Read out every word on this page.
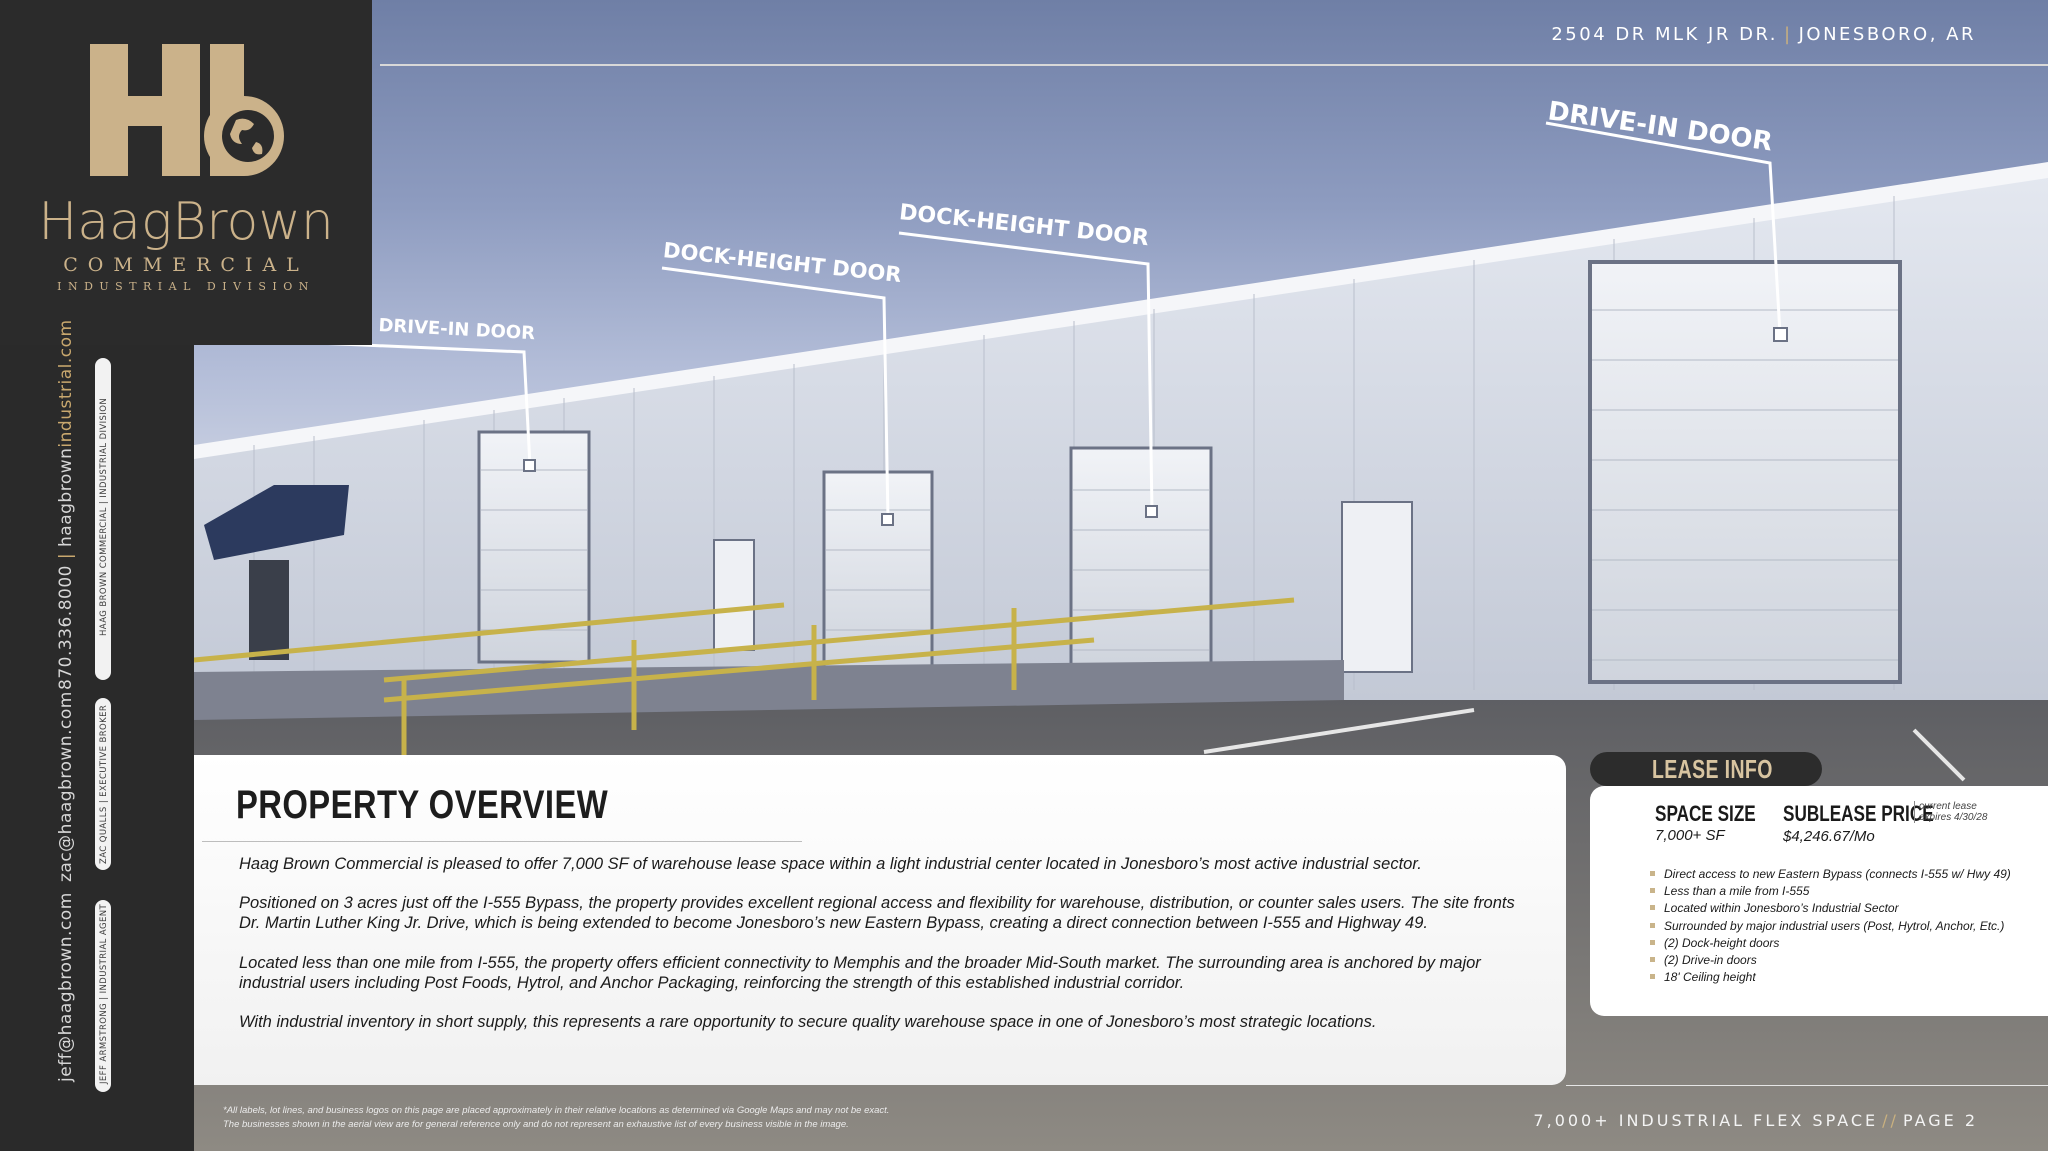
DRIVE-IN DOOR
DOCK-HEIGHT DOOR
DOCK-HEIGHT DOOR
DRIVE-IN DOOR
2504 DR MLK JR DR. | JONESBORO, AR
HaagBrown
COMMERCIAL
INDUSTRIAL DIVISION
870.336.8000 | haagbrownindustrial.com
HAAG BROWN COMMERCIAL | INDUSTRIAL DIVISION
zac@haagbrown.com	ZAC QUALLS | EXECUTIVE BROKER
jeff@haagbrown.com	JEFF ARMSTRONG | INDUSTRIAL AGENT
PROPERTY OVERVIEW
Haag Brown Commercial is pleased to offer 7,000 SF of warehouse lease space within a light industrial center located in Jonesboro’s most active industrial sector.
Positioned on 3 acres just off the I-555 Bypass, the property provides excellent regional access and flexibility for warehouse, distribution, or counter sales users. The site fronts Dr. Martin Luther King Jr. Drive, which is being extended to become Jonesboro’s new Eastern Bypass, creating a direct connection between I-555 and Highway 49.
Located less than one mile from I-555, the property offers efficient connectivity to Memphis and the broader Mid-South market. The surrounding area is anchored by major industrial users including Post Foods, Hytrol, and Anchor Packaging, reinforcing the strength of this established industrial corridor.
With industrial inventory in short supply, this represents a rare opportunity to secure quality warehouse space in one of Jonesboro’s most strategic locations.
LEASE INFO
SPACE SIZE
7,000+ SF
SUBLEASE PRICE
$4,246.67/Mo
current lease
expires 4/30/28
Direct access to new Eastern Bypass (connects I-555 w/ Hwy 49)
Less than a mile from I-555
Located within Jonesboro’s Industrial Sector
Surrounded by major industrial users (Post, Hytrol, Anchor, Etc.)
(2) Dock-height doors
(2) Drive-in doors
18' Ceiling height
*All labels, lot lines, and business logos on this page are placed approximately in their relative locations as determined via Google Maps and may not be exact.
The businesses shown in the aerial view are for general reference only and do not represent an exhaustive list of every business visible in the image.	7,000+ INDUSTRIAL FLEX SPACE // PAGE 2
